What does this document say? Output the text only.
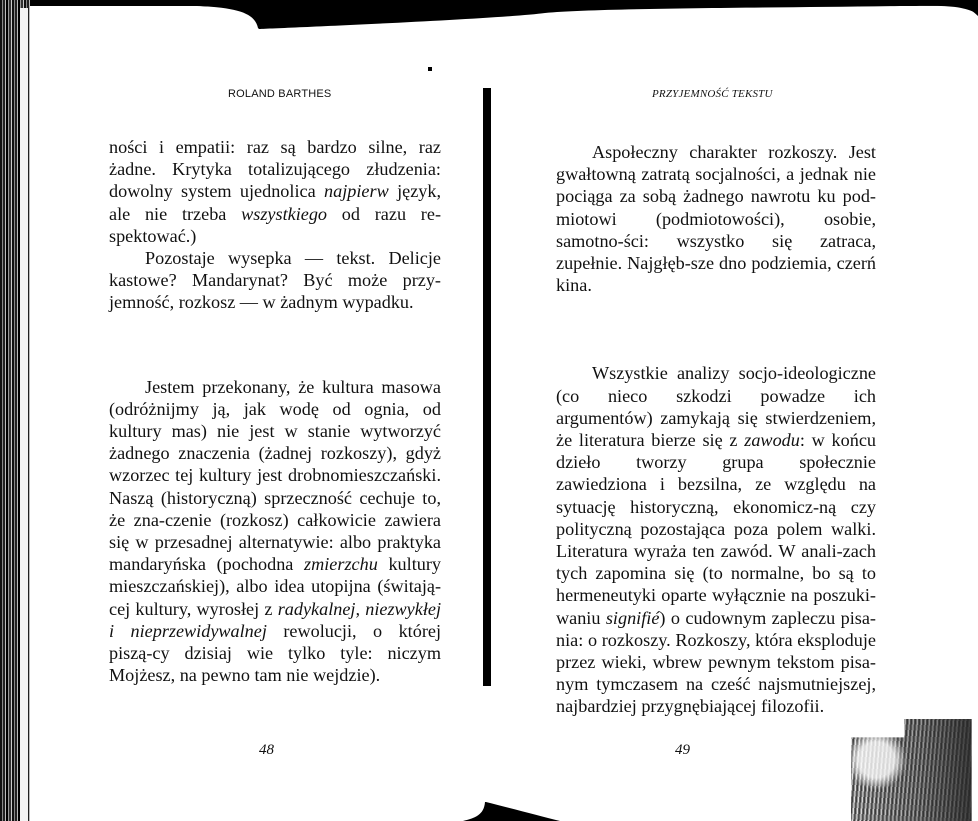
ROLAND BARTHES

ności i empatii: raz są bardzo silne, raz żadne. Krytyka totalizującego złudzenia: dowolny system ujednolica najpierw język, ale nie trzeba wszystkiego od razu re-spektować.)

Pozostaje wysepka — tekst. Delicje kastowe? Mandarynat? Być może przy-jemność, rozkosz — w żadnym wypadku.

Jestem przekonany, że kultura masowa (odróżnijmy ją, jak wodę od ognia, od kultury mas) nie jest w stanie wytworzyć żadnego znaczenia (żadnej rozkoszy), gdyż wzorzec tej kultury jest drobnomieszczański. Naszą (historyczną) sprzeczność cechuje to, że zna-czenie (rozkosz) całkowicie zawiera się w przesadnej alternatywie: albo praktyka mandaryńska (pochodna zmierzchu kultury mieszczańskiej), albo idea utopijna (świtają-cej kultury, wyrosłej z radykalnej, niezwykłej i nieprzewidywalnej rewolucji, o której piszą-cy dzisiaj wie tylko tyle: niczym Mojżesz, na pewno tam nie wejdzie).

48
PRZYJEMNOŚĆ TEKSTU

Aspołeczny charakter rozkoszy. Jest gwałtowną zatratą socjalności, a jednak nie pociąga za sobą żadnego nawrotu ku pod-miotowi (podmiotowości), osobie, samotno-ści: wszystko się zatraca, zupełnie. Najgłęb-sze dno podziemia, czerń kina.

Wszystkie analizy socjo-ideologiczne (co nieco szkodzi powadze ich argumentów) zamykają się stwierdzeniem, że literatura bierze się z zawodu: w końcu dzieło tworzy grupa społecznie zawiedziona i bezsilna, ze względu na sytuację historyczną, ekonomicz-ną czy polityczną pozostająca poza polem walki. Literatura wyraża ten zawód. W anali-zach tych zapomina się (to normalne, bo są to hermeneutyki oparte wyłącznie na poszuki-waniu signifié) o cudownym zapleczu pisa-nia: o rozkoszy. Rozkoszy, która eksploduje przez wieki, wbrew pewnym tekstom pisa-nym tymczasem na cześć najsmutniejszej, najbardziej przygnębiającej filozofii.

49
